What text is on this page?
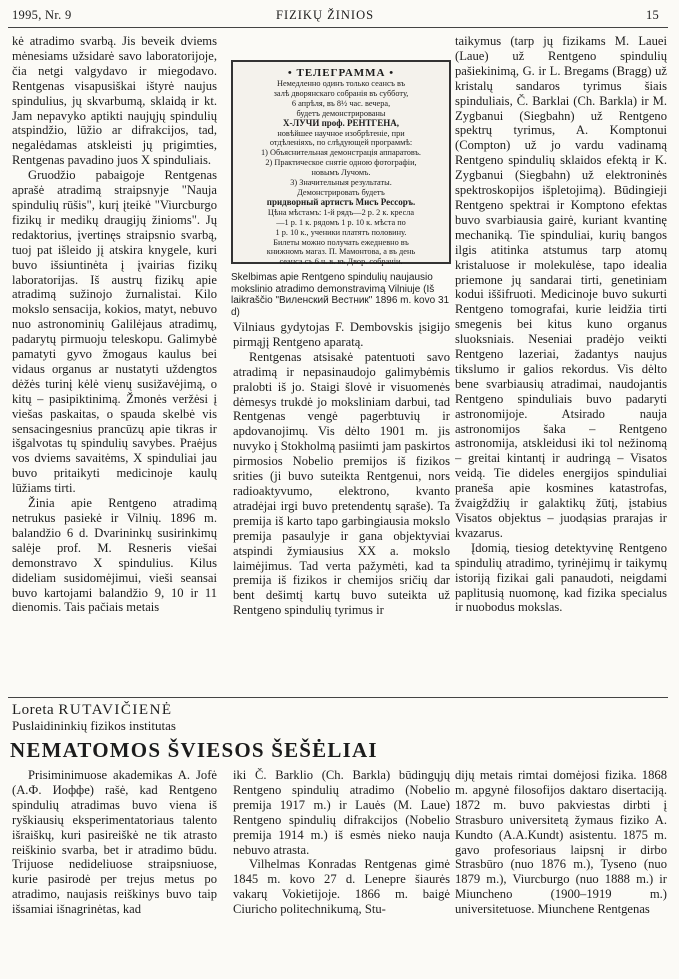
1995, Nr. 9	FIZIKŲ ŽINIOS	15

kė atradimo svarbą. Jis beveik dviems mėnesiams užsidarė savo laboratorijoje, čia netgi valgydavo ir miegodavo. Rentgenas visapusiškai ištyrė naujus spindulius, jų skvarbumą, sklaidą ir kt. Jam nepavyko aptikti naujųjų spindulių atspindžio, lūžio ar difrakcijos, tad, negalėdamas atskleisti jų prigimties, Rentgenas pavadino juos X spinduliais.

Gruodžio pabaigoje Rentgenas aprašė atradimą straipsnyje "Nauja spindulių rūšis", kurį įteikė "Viurcburgo fizikų ir medikų draugijų žinioms". Jų redaktorius, įvertinęs straipsnio svarbą, tuoj pat išleido jį atskira knygele, kuri buvo išsiuntinėta į įvairias fizikų laboratorijas. Iš austrų fizikų apie atradimą sužinojo žurnalistai. Kilo mokslo sensacija, kokios, matyt, nebuvo nuo astronominių Galilėjaus atradimų, padarytų pirmuoju teleskopu. Galimybė pamatyti gyvo žmogaus kaulus bei vidaus organus ar nustatyti uždengtos dėžės turinį kėlė vienų susižavėjimą, o kitų – pasipiktinimą. Žmonės veržėsi į viešas paskaitas, o spauda skelbė vis sensacingesnius prancūzų apie tikras ir išgalvotas tų spindulių savybes. Praėjus vos dviems savaitėms, X spinduliai jau buvo pritaikyti medicinoje kaulų lūžiams tirti.

Žinia apie Rentgeno atradimą netrukus pasiekė ir Vilnių. 1896 m. balandžio 6 d. Dvarininkų susirinkimų salėje prof. M. Resneris viešai demonstravo X spindulius. Kilus dideliam susidomėjimui, vieši seansai buvo kartojami balandžio 9, 10 ir 11 dienomis. Tais pačiais metais

• ТЕЛЕГРАММА •
Немедленно одинъ только сеансъ въ
залѣ дворянскаго собранія въ субботу,
6 апрѣля, въ 8½ час. вечера,
будетъ демонстрированы
X-ЛУЧИ проф. РЕНТГЕНА,
новѣйшее научное изобрѣтеніе, при
отдѣленіяхъ, по слѣдующей программѣ:
1) Объяснительная демонстрація аппаратовъ.
2) Практическое снятіе одною фотографіи,
новымъ Лучомъ.
3) Значительныя результаты.
Демонстрировать будетъ
придворный артистъ Мисъ Рессоръ.
Цѣна мѣстамъ: 1-й рядъ—2 р. 2 к. кресла
—1 р. 1 к. рядомъ 1 р. 10 к. мѣста по
1 р. 10 к., ученики платятъ половину.
Билеты можно получать ежедневно въ
книжномъ магаз. П. Мамонтова, а въ день
сеанса съ 6 ч. в. въ Двор. собраніи.
Skelbimas apie Rentgeno spindulių naujausio mokslinio atradimo demonstravimą Vilniuje (Iš laikraščio "Виленский Вестник" 1896 m. kovo 31 d)

Vilniaus gydytojas F. Dembovskis įsigijo pirmąjį Rentgeno aparatą.

Rentgenas atsisakė patentuoti savo atradimą ir nepasinaudojo galimybėmis pralobti iš jo. Staigi šlovė ir visuomenės dėmesys trukdė jo moksliniam darbui, tad Rentgenas vengė pagerbtuvių ir apdovanojimų. Vis dėlto 1901 m. jis nuvyko į Stokholmą pasiimti jam paskirtos pirmosios Nobelio premijos iš fizikos srities (ji buvo suteikta Rentgenui, nors radioaktyvumo, elektrono, kvanto atradėjai irgi buvo pretendentų sąraše). Ta premija iš karto tapo garbingiausia mokslo premija pasaulyje ir gana objektyviai atspindi žymiausius XX a. mokslo laimėjimus. Tad verta pažymėti, kad ta premija iš fizikos ir chemijos sričių dar bent dešimtį kartų buvo suteikta už Rentgeno spindulių tyrimus ir

taikymus (tarp jų fizikams M. Lauei (Laue) už Rentgeno spindulių pašiekinimą, G. ir L. Bregams (Bragg) už kristalų sandaros tyrimus šiais spinduliais, Č. Barklai (Ch. Barkla) ir M. Zygbanui (Siegbahn) už Rentgeno spektrų tyrimus, A. Komptonui (Compton) už jo vardu vadinamą Rentgeno spindulių sklaidos efektą ir K. Zygbanui (Siegbahn) už elektroninės spektroskopijos išpletojimą). Būdingieji Rentgeno spektrai ir Komptono efektas buvo svarbiausia gairė, kuriant kvantinę mechaniką. Tie spinduliai, kurių bangos ilgis atitinka atstumus tarp atomų kristaluose ir molekulėse, tapo idealia priemone jų sandarai tirti, genetiniam kodui iššifruoti. Medicinoje buvo sukurti Rentgeno tomografai, kurie leidžia tirti smegenis bei kitus kuno organus sluoksniais. Neseniai pradėjo veikti Rentgeno lazeriai, žadantys naujus tikslumo ir galios rekordus. Vis dėlto bene svarbiausių atradimai, naudojantis Rentgeno spinduliais buvo padaryti astronomijoje. Atsirado nauja astronomijos šaka – Rentgeno astronomija, atskleidusi iki tol nežinomą – greitai kintantį ir audringą – Visatos veidą. Tie dideles energijos spinduliai praneša apie kosmines katastrofas, žvaigždžių ir galaktikų žūtį, įstabius Visatos objektus – juodąsias prarajas ir kvazarus.

Įdomią, tiesiog detektyvinę Rentgeno spindulių atradimo, tyrinėjimų ir taikymų istoriją fizikai gali panaudoti, neigdami paplitusią nuomonę, kad fizika specialus ir nuobodus mokslas.

Loreta RUTAVIČIENĖ
Puslaidininkių fizikos institutas
NEMATOMOS ŠVIESOS ŠEŠĖLIAI

Prisiminimuose akademikas A. Jofė (А.Ф. Иоффе) rašė, kad Rentgeno spindulių atradimas buvo viena iš ryškiausių eksperimentatoriaus talento išraiškų, kuri pasireiškė ne tik atrasto reiškinio svarba, bet ir atradimo būdu. Trijuose nedideliuose straipsniuose, kurie pasirodė per trejus metus po atradimo, naujasis reiškinys buvo taip išsamiai išnagrinėtas, kad

iki Č. Barklio (Ch. Barkla) būdingųjų Rentgeno spindulių atradimo (Nobelio premija 1917 m.) ir Lauės (M. Laue) Rentgeno spindulių difrakcijos (Nobelio premija 1914 m.) iš esmės nieko nauja nebuvo atrasta.

Vilhelmas Konradas Rentgenas gimė 1845 m. kovo 27 d. Lenepre šiaurės vakarų Vokietijoje. 1866 m. baigė Ciuricho politechnikumą, Stu-

dijų metais rimtai domėjosi fizika. 1868 m. apgynė filosofijos daktaro disertaciją. 1872 m. buvo pakviestas dirbti į Strasburo universitetą žymaus fiziko A. Kundto (A.A.Kundt) asistentu. 1875 m. gavo profesoriaus laipsnį ir dirbo Strasbūro (nuo 1876 m.), Tyseno (nuo 1879 m.), Viurcburgo (nuo 1888 m.) ir Miuncheno (1900–1919 m.) universitetuose. Miunchene Rentgenas
